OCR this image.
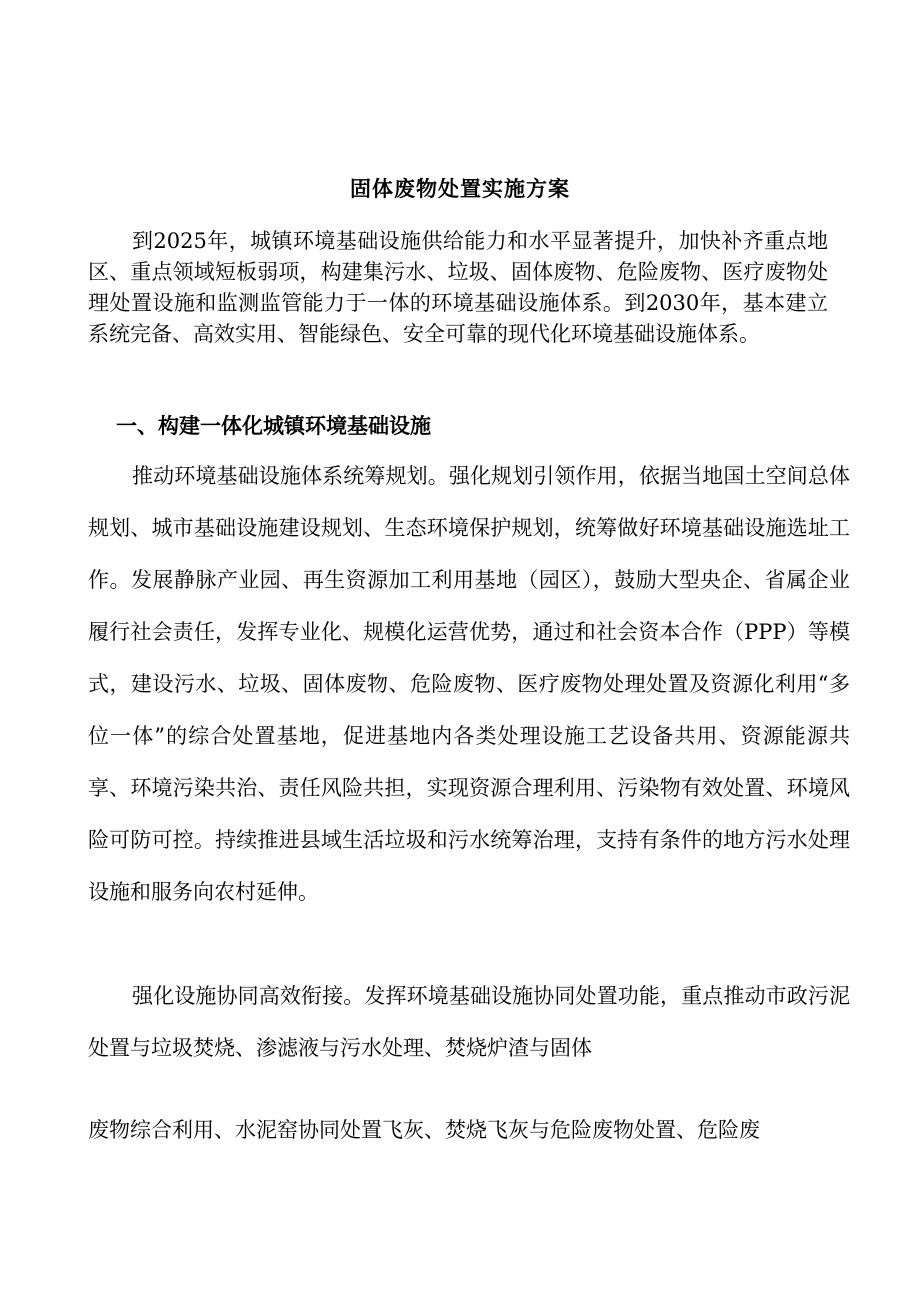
固体废物处置实施方案

到2025年，城镇环境基础设施供给能力和水平显著提升，加快补齐重点地区、重点领域短板弱项，构建集污水、垃圾、固体废物、危险废物、医疗废物处理处置设施和监测监管能力于一体的环境基础设施体系。到2030年，基本建立系统完备、高效实用、智能绿色、安全可靠的现代化环境基础设施体系。

一、构建一体化城镇环境基础设施

推动环境基础设施体系统筹规划。强化规划引领作用，依据当地国土空间总体规划、城市基础设施建设规划、生态环境保护规划，统筹做好环境基础设施选址工作。发展静脉产业园、再生资源加工利用基地（园区），鼓励大型央企、省属企业履行社会责任，发挥专业化、规模化运营优势，通过和社会资本合作（PPP）等模式，建设污水、垃圾、固体废物、危险废物、医疗废物处理处置及资源化利用“多位一体”的综合处置基地，促进基地内各类处理设施工艺设备共用、资源能源共享、环境污染共治、责任风险共担，实现资源合理利用、污染物有效处置、环境风险可防可控。持续推进县域生活垃圾和污水统筹治理，支持有条件的地方污水处理设施和服务向农村延伸。

强化设施协同高效衔接。发挥环境基础设施协同处置功能，重点推动市政污泥处置与垃圾焚烧、渗滤液与污水处理、焚烧炉渣与固体

废物综合利用、水泥窑协同处置飞灰、焚烧飞灰与危险废物处置、危险废
